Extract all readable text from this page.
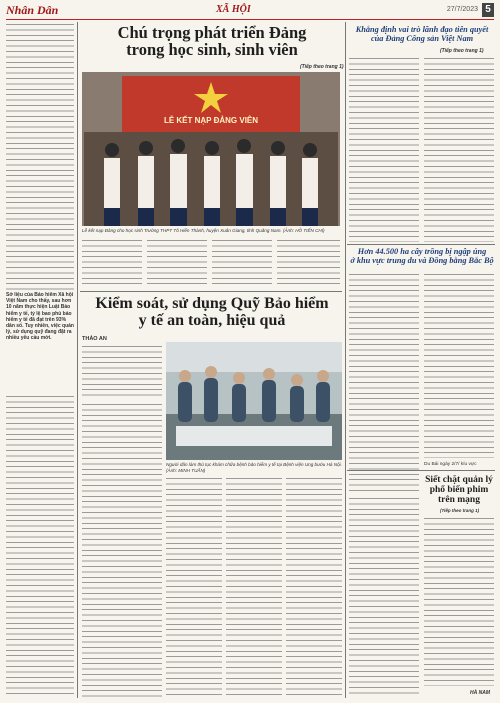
Nhân Dân	XÃ HỘI	27/7/2023 5
Sở liệu của Bảo hiểm Xã hội Việt Nam cho thấy, sau hơn 10 năm thực hiện Luật Bảo hiểm y tế, tỷ lệ bao phủ bảo hiểm y tế đã đạt trên 93% dân số. Tuy nhiên, việc quản lý, sử dụng quỹ đang đặt ra nhiều yêu cầu mới.
Chú trọng phát triển Đảng
trong học sinh, sinh viên
(Tiếp theo trang 1)
LỄ KẾT NẠP ĐẢNG VIÊN
Lễ kết nạp Đảng cho học sinh Trường THPT Tô Hiến Thành, huyện Xuân Giang, tỉnh Quảng Nam. (Ảnh: HỒ TIẾN CHÍ)
Kiểm soát, sử dụng Quỹ Bảo hiểm
y tế an toàn, hiệu quả
THẢO AN
Người dân làm thủ tục khám chữa bệnh bảo hiểm y tế tại Bệnh viện Ung bướu Hà Nội. (Ảnh: MINH TUẤN)
Khẳng định vai trò lãnh đạo tiên quyết
của Đảng Công sản Việt Nam
(Tiếp theo trang 1)
Hơn 44.500 ha cây trồng bị ngập úng
ở khu vực trung du và Đồng bằng Bắc Bộ
Du Bái ngày 2/7/ kíu vực
Siết chặt quản lý
phổ biến phim trên mạng
(Tiếp theo trang 1)
HÀ NAM
